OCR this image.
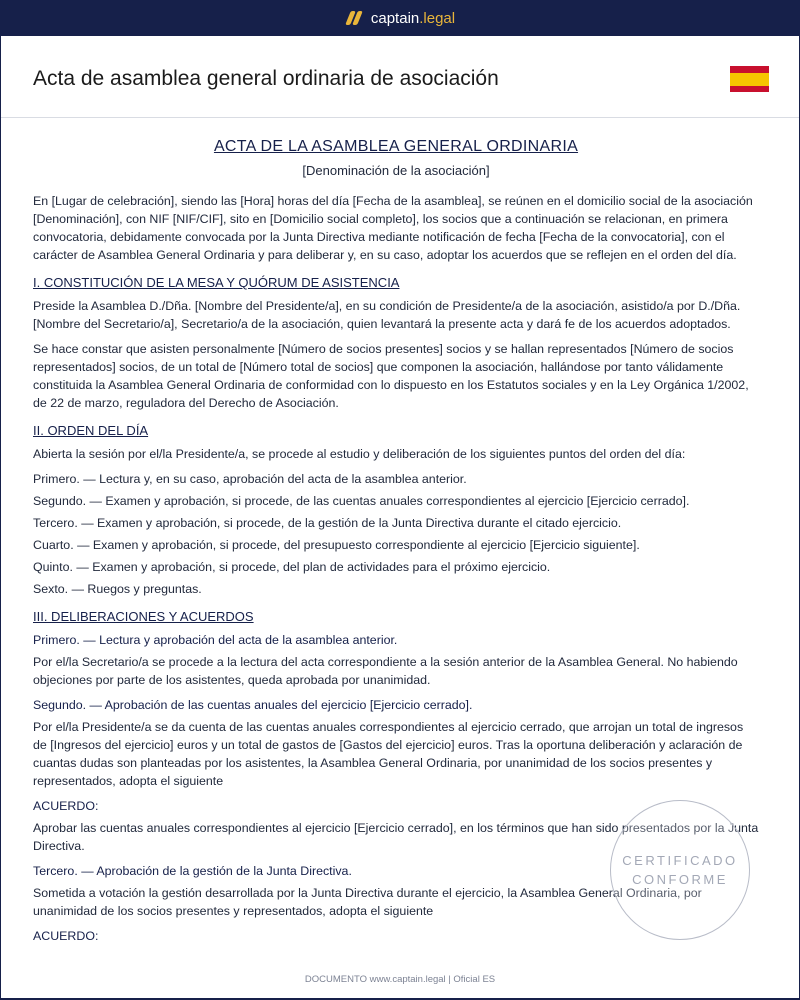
captain.legal
Acta de asamblea general ordinaria de asociación
ACTA DE LA ASAMBLEA GENERAL ORDINARIA
[Denominación de la asociación]

En [Lugar de celebración], siendo las [Hora] horas del día [Fecha de la asamblea], se reúnen en el domicilio social de la asociación [Denominación], con NIF [NIF/CIF], sito en [Domicilio social completo], los socios que a continuación se relacionan, en primera convocatoria, debidamente convocada por la Junta Directiva mediante notificación de fecha [Fecha de la convocatoria], con el carácter de Asamblea General Ordinaria y para deliberar y, en su caso, adoptar los acuerdos que se reflejen en el orden del día.

I. CONSTITUCIÓN DE LA MESA Y QUÓRUM DE ASISTENCIA

Preside la Asamblea D./Dña. [Nombre del Presidente/a], en su condición de Presidente/a de la asociación, asistido/a por D./Dña. [Nombre del Secretario/a], Secretario/a de la asociación, quien levantará la presente acta y dará fe de los acuerdos adoptados.

Se hace constar que asisten personalmente [Número de socios presentes] socios y se hallan representados [Número de socios representados] socios, de un total de [Número total de socios] que componen la asociación, hallándose por tanto válidamente constituida la Asamblea General Ordinaria de conformidad con lo dispuesto en los Estatutos sociales y en la Ley Orgánica 1/2002, de 22 de marzo, reguladora del Derecho de Asociación.

II. ORDEN DEL DÍA

Abierta la sesión por el/la Presidente/a, se procede al estudio y deliberación de los siguientes puntos del orden del día:

Primero. — Lectura y, en su caso, aprobación del acta de la asamblea anterior.
Segundo. — Examen y aprobación, si procede, de las cuentas anuales correspondientes al ejercicio [Ejercicio cerrado].
Tercero. — Examen y aprobación, si procede, de la gestión de la Junta Directiva durante el citado ejercicio.
Cuarto. — Examen y aprobación, si procede, del presupuesto correspondiente al ejercicio [Ejercicio siguiente].
Quinto. — Examen y aprobación, si procede, del plan de actividades para el próximo ejercicio.
Sexto. — Ruegos y preguntas.
III. DELIBERACIONES Y ACUERDOS
Primero. — Lectura y aprobación del acta de la asamblea anterior.

Por el/la Secretario/a se procede a la lectura del acta correspondiente a la sesión anterior de la Asamblea General. No habiendo objeciones por parte de los asistentes, queda aprobada por unanimidad.

Segundo. — Aprobación de las cuentas anuales del ejercicio [Ejercicio cerrado].

Por el/la Presidente/a se da cuenta de las cuentas anuales correspondientes al ejercicio cerrado, que arrojan un total de ingresos de [Ingresos del ejercicio] euros y un total de gastos de [Gastos del ejercicio] euros. Tras la oportuna deliberación y aclaración de cuantas dudas son planteadas por los asistentes, la Asamblea General Ordinaria, por unanimidad de los socios presentes y representados, adopta el siguiente

ACUERDO:

Aprobar las cuentas anuales correspondientes al ejercicio [Ejercicio cerrado], en los términos que han sido presentados por la Junta Directiva.

Tercero. — Aprobación de la gestión de la Junta Directiva.

Sometida a votación la gestión desarrollada por la Junta Directiva durante el ejercicio, la Asamblea General Ordinaria, por unanimidad de los socios presentes y representados, adopta el siguiente

ACUERDO:
CERTIFICADO
CONFORME
DOCUMENTO www.captain.legal | Oficial ES
